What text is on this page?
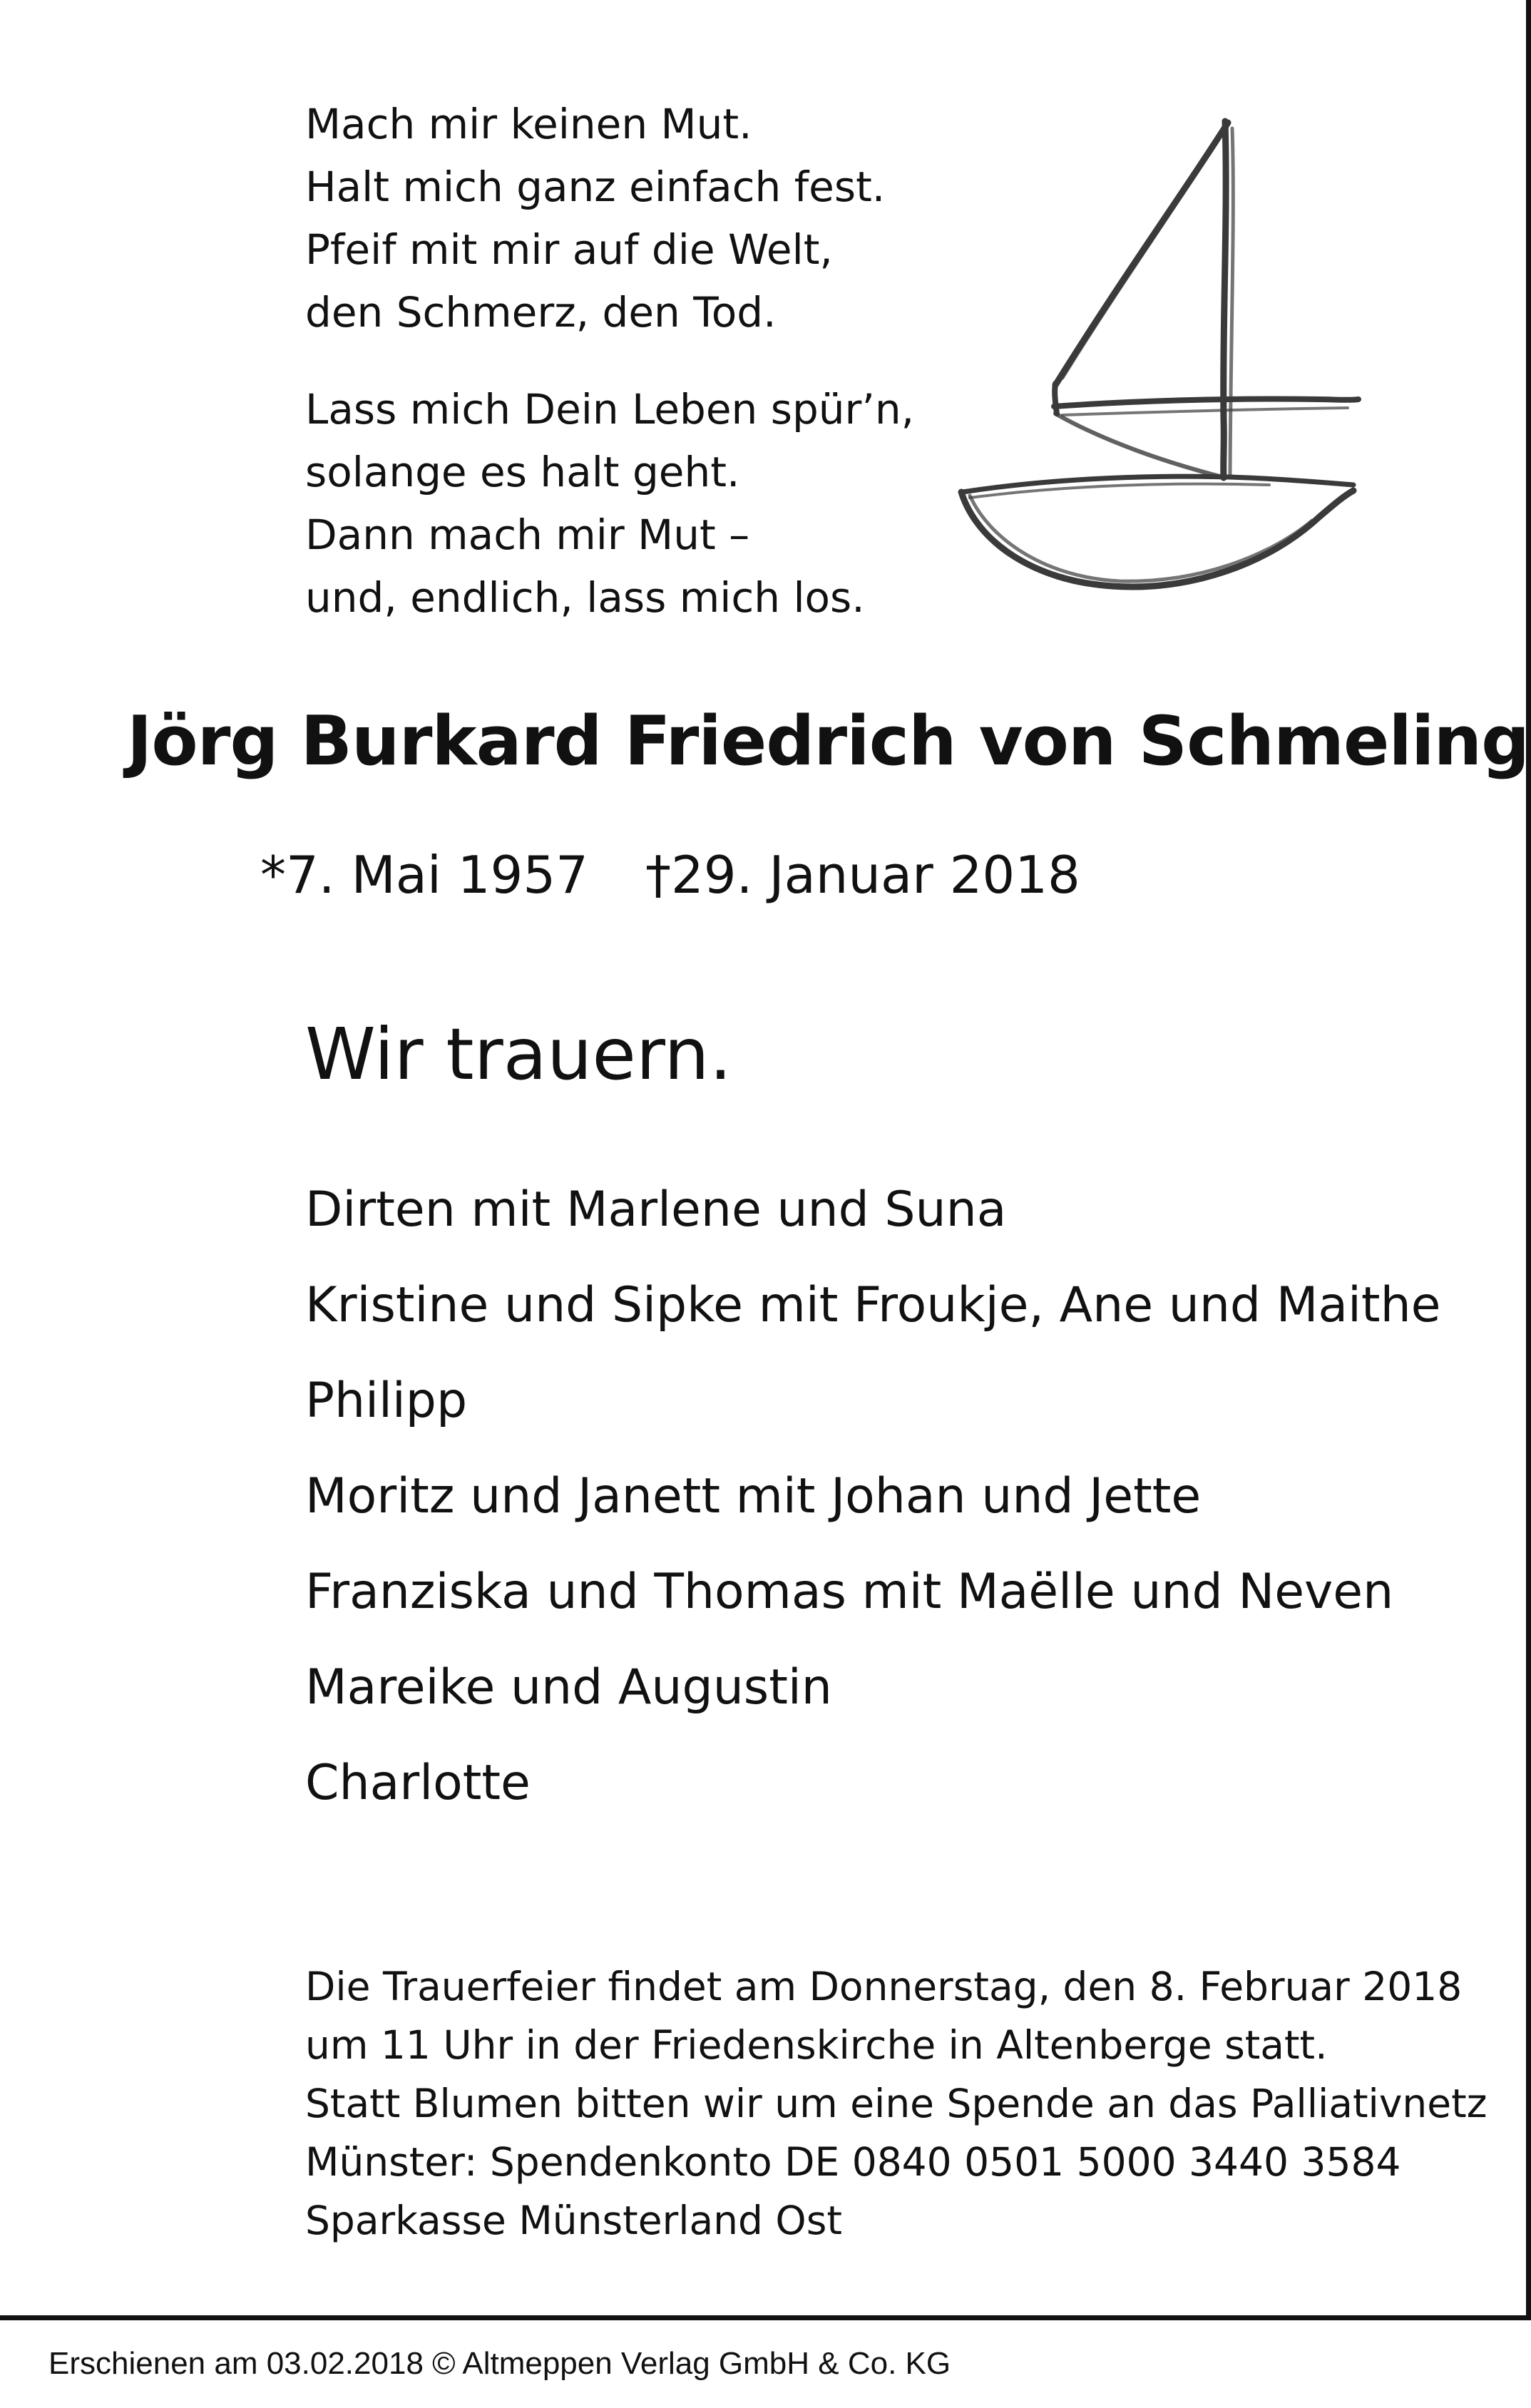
Mach mir keinen Mut.
Halt mich ganz einfach fest.
Pfeif mit mir auf die Welt,
den Schmerz, den Tod.
Lass mich Dein Leben spür’n,
solange es halt geht.
Dann mach mir Mut –
und, endlich, lass mich los.
Jörg Burkard Friedrich von Schmeling
*7. Mai 1957 †29. Januar 2018
Wir trauern.
Dirten mit Marlene und Suna
Kristine und Sipke mit Froukje, Ane und Maithe
Philipp
Moritz und Janett mit Johan und Jette
Franziska und Thomas mit Maëlle und Neven
Mareike und Augustin
Charlotte
Die Trauerfeier findet am Donnerstag, den 8. Februar 2018
um 11 Uhr in der Friedenskirche in Altenberge statt.
Statt Blumen bitten wir um eine Spende an das Palliativnetz
Münster: Spendenkonto DE 0840 0501 5000 3440 3584
Sparkasse Münsterland Ost
Erschienen am 03.02.2018 © Altmeppen Verlag GmbH & Co. KG
